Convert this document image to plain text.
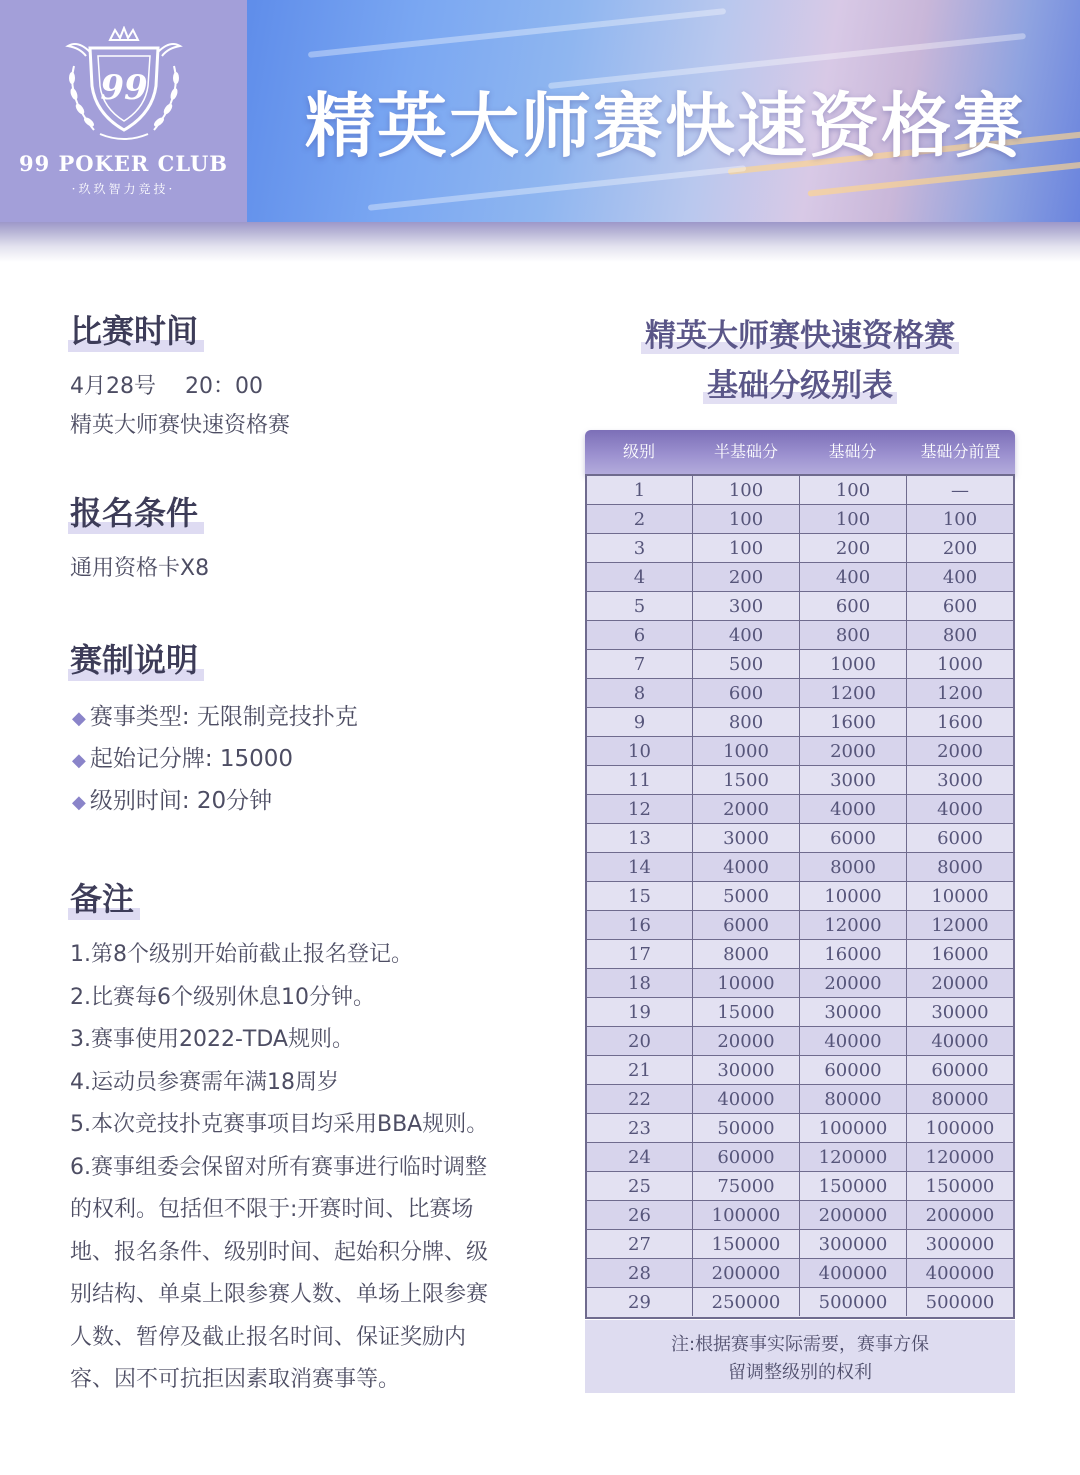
99
99 POKER CLUB
·玖玖智力竞技·
精英大师赛快速资格赛
比赛时间
4月28号　 20：00
精英大师赛快速资格赛
报名条件
通用资格卡X8
赛制说明
◆ 赛事类型: 无限制竞技扑克
◆ 起始记分牌: 15000
◆ 级别时间: 20分钟
备注
1.第8个级别开始前截止报名登记。
2.比赛每6个级别休息10分钟。
3.赛事使用2022-TDA规则。
4.运动员参赛需年满18周岁
5.本次竞技扑克赛事项目均采用BBA规则。
6.赛事组委会保留对所有赛事进行临时调整
的权利。包括但不限于:开赛时间、比赛场
地、报名条件、级别时间、起始积分牌、级
别结构、单桌上限参赛人数、单场上限参赛
人数、暂停及截止报名时间、保证奖励内
容、因不可抗拒因素取消赛事等。
精英大师赛快速资格赛
基础分级别表
级别	半基础分	基础分	基础分前置
1	100	100	—
2	100	100	100
3	100	200	200
4	200	400	400
5	300	600	600
6	400	800	800
7	500	1000	1000
8	600	1200	1200
9	800	1600	1600
10	1000	2000	2000
11	1500	3000	3000
12	2000	4000	4000
13	3000	6000	6000
14	4000	8000	8000
15	5000	10000	10000
16	6000	12000	12000
17	8000	16000	16000
18	10000	20000	20000
19	15000	30000	30000
20	20000	40000	40000
21	30000	60000	60000
22	40000	80000	80000
23	50000	100000	100000
24	60000	120000	120000
25	75000	150000	150000
26	100000	200000	200000
27	150000	300000	300000
28	200000	400000	400000
29	250000	500000	500000
注:根据赛事实际需要，赛事方保
留调整级别的权利
